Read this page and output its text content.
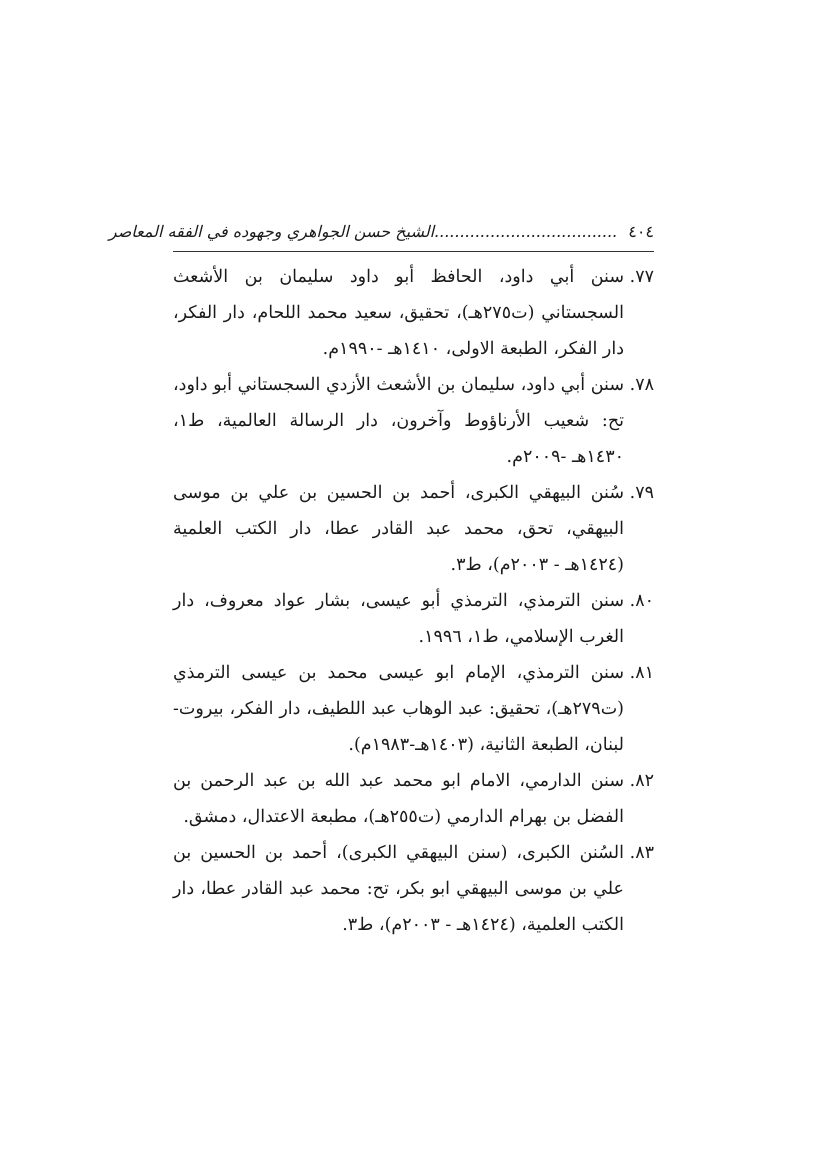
٤٠٤ ....................................الشيخ حسن الجواهري وجهوده في الفقه المعاصر

٧٧.سنن أبي داود، الحافظ أبو داود سليمان بن الأشعث السجستاني (ت٢٧٥هـ)، تحقيق، سعيد محمد اللحام، دار الفكر، دار الفكر، الطبعة الاولى، ١٤١٠هـ -١٩٩٠م.

٧٨.سنن أبي داود، سليمان بن الأشعث الأزدي السجستاني أبو داود، تح: شعيب الأرناؤوط وآخرون، دار الرسالة العالمية، ط١، ١٤٣٠هـ -٢٠٠٩م.

٧٩.سُنن البيهقي الكبرى، أحمد بن الحسين بن علي بن موسى البيهقي، تحق، محمد عبد القادر عطا، دار الكتب العلمية (١٤٢٤هـ - ٢٠٠٣م)، ط٣.

٨٠.سنن الترمذي، الترمذي أبو عيسى، بشار عواد معروف، دار الغرب الإسلامي، ط١، ١٩٩٦.

٨١.سنن الترمذي، الإمام ابو عيسى محمد بن عيسى الترمذي (ت٢٧٩هـ)، تحقيق: عبد الوهاب عبد اللطيف، دار الفكر، بيروت-لبنان، الطبعة الثانية، (١٤٠٣هـ-١٩٨٣م).

٨٢.سنن الدارمي، الامام ابو محمد عبد الله بن عبد الرحمن بن الفضل بن بهرام الدارمي (ت٢٥٥هـ)، مطبعة الاعتدال، دمشق.

٨٣.السُنن الكبرى، (سنن البيهقي الكبرى)، أحمد بن الحسين بن علي بن موسى البيهقي ابو بكر، تح: محمد عبد القادر عطا، دار الكتب العلمية، (١٤٢٤هـ - ٢٠٠٣م)، ط٣.
